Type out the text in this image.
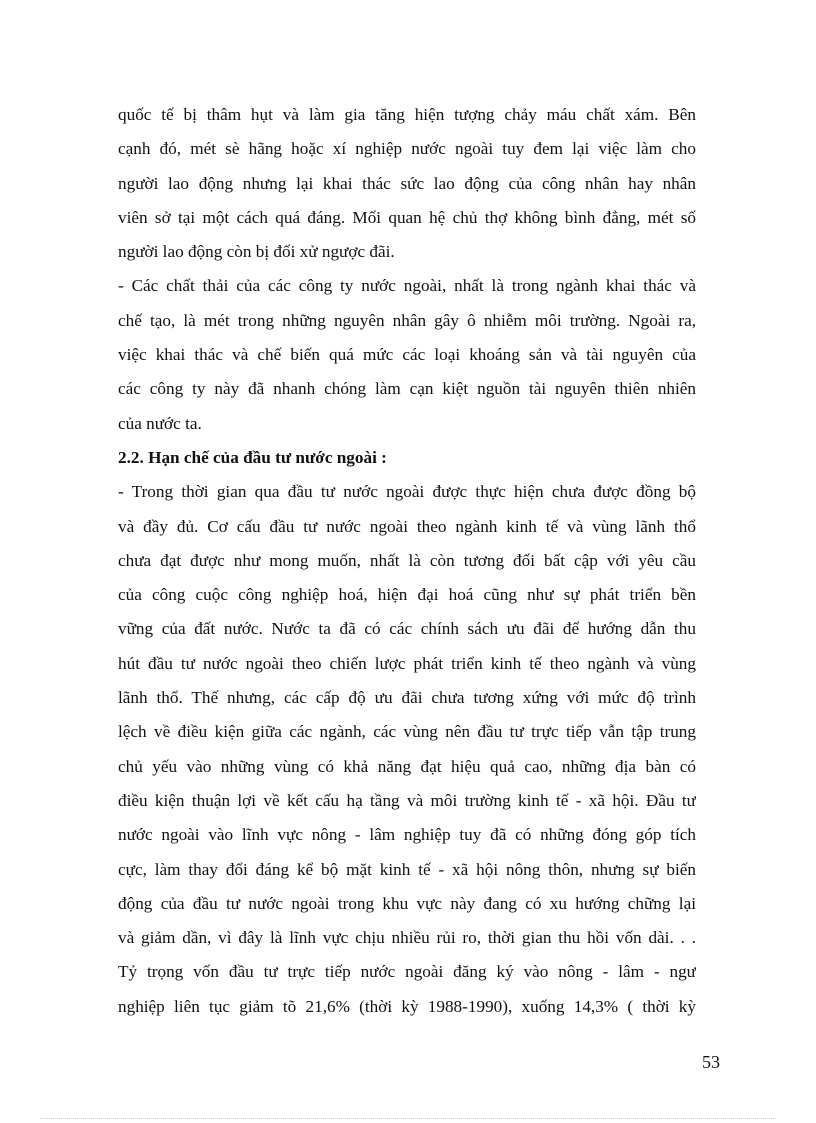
quốc tế bị thâm hụt và làm gia tăng hiện tượng chảy máu chất xám. Bên
cạnh đó, mét sè hãng hoặc xí nghiệp nước ngoài tuy đem lại việc làm cho
người lao động nhưng lại khai thác sức lao động của công nhân hay nhân
viên sở tại một cách quá đáng. Mối quan hệ chủ thợ không bình đẳng, mét số
người lao động còn bị đối xử ngược đãi.
- Các chất thải của các công ty nước ngoài, nhất là trong ngành khai thác và
chế tạo, là mét trong những nguyên nhân gây ô nhiễm môi trường. Ngoài ra,
việc khai thác và chế biến quá mức các loại khoáng sản và tài nguyên của
các công ty này đã nhanh chóng làm cạn kiệt nguồn tài nguyên thiên nhiên
của nước ta.
2.2. Hạn chế của đầu tư nước ngoài :
- Trong thời gian qua đầu tư nước ngoài được thực hiện chưa được đồng bộ
và đầy đủ. Cơ cấu đầu tư nước ngoài theo ngành kinh tế và vùng lãnh thổ
chưa đạt được như mong muốn, nhất là còn tương đối bất cập với yêu cầu
của công cuộc công nghiệp hoá, hiện đại hoá cũng như sự phát triển bền
vững của đất nước. Nước ta đã có các chính sách ưu đãi để hướng dẫn thu
hút đầu tư nước ngoài theo chiến lược phát triển kinh tế theo ngành và vùng
lãnh thổ. Thế nhưng, các cấp độ ưu đãi chưa tương xứng với mức độ trình
lệch về điều kiện giữa các ngành, các vùng nên đầu tư trực tiếp vẫn tập trung
chủ yếu vào những vùng có khả năng đạt hiệu quả cao, những địa bàn có
điều kiện thuận lợi về kết cấu hạ tầng và môi trường kinh tế - xã hội. Đầu tư
nước ngoài vào lĩnh vực nông - lâm nghiệp tuy đã có những đóng góp tích
cực, làm thay đổi đáng kể bộ mặt kinh tế - xã hội nông thôn, nhưng sự biến
động của đầu tư nước ngoài trong khu vực này đang có xu hướng chững lại
và giảm dần, vì đây là lĩnh vực chịu nhiều rủi ro, thời gian thu hồi vốn dài. . .
Tỷ trọng vốn đầu tư trực tiếp nước ngoài đăng ký vào nông - lâm - ngư
nghiệp liên tục giảm tõ 21,6% (thời kỳ 1988-1990), xuống 14,3% ( thời kỳ
53
